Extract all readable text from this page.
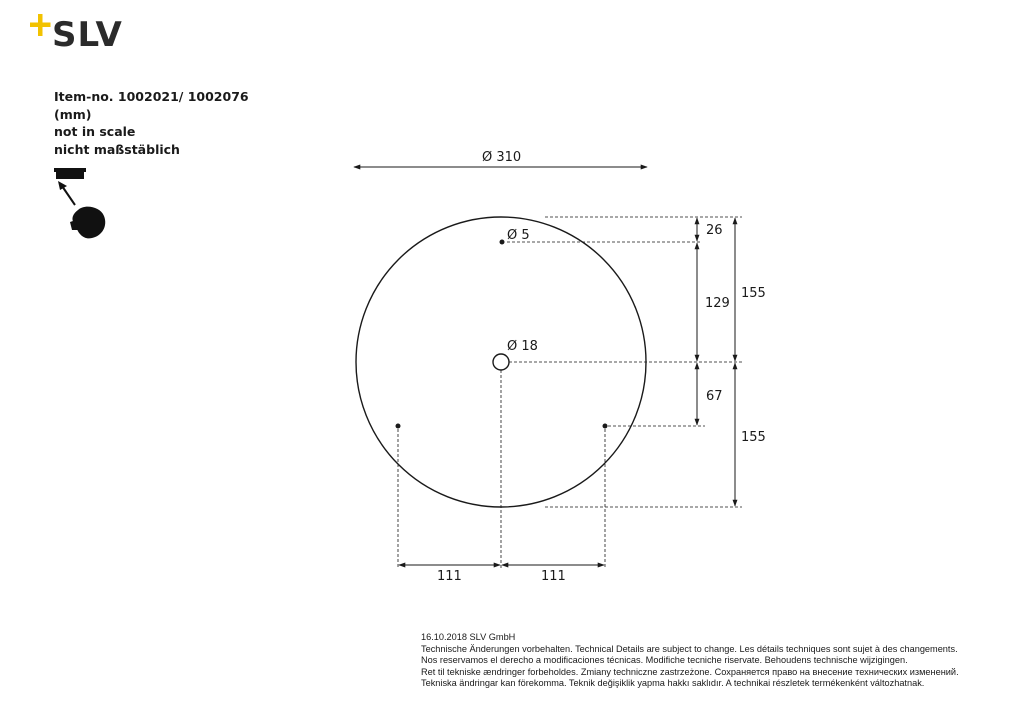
SLV
Item-no. 1002021/ 1002076
(mm)
not in scale
nicht maßstäblich
Ø 310
Ø 5
Ø 18
26
129
155
67
155
111	111
16.10.2018 SLV GmbH
Technische Änderungen vorbehalten. Technical Details are subject to change. Les détails techniques sont sujet à des changements.
Nos reservamos el derecho a modificaciones técnicas. Modifiche tecniche riservate. Behoudens technische wijzigingen.
Ret til tekniske ændringer forbeholdes. Zmiany techniczne zastrzeżone. Сохраняется право на внесение технических изменений.
Tekniska ändringar kan förekomma. Teknik değişiklik yapma hakkı saklıdır. A technikai részletek termékenként változhatnak.
